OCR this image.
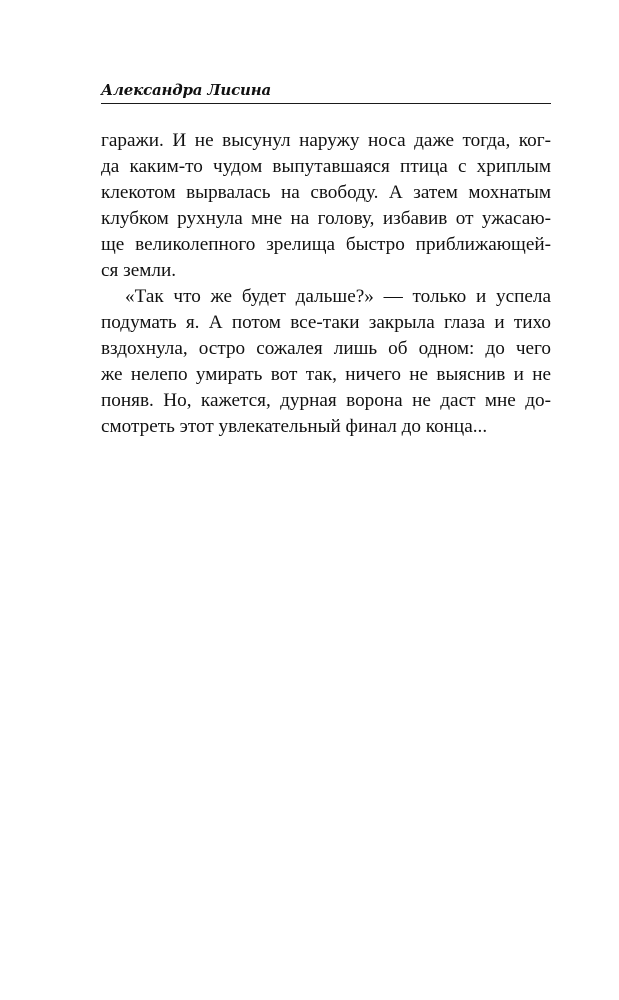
Александра Лисина
гаражи. И не высунул наружу носа даже тогда, ког-
да каким-то чудом выпутавшаяся птица с хриплым
клекотом вырвалась на свободу. А затем мохнатым
клубком рухнула мне на голову, избавив от ужасаю-
ще великолепного зрелища быстро приближающей-
ся земли.
«Так что же будет дальше?» — только и успела
подумать я. А потом все-таки закрыла глаза и тихо
вздохнула, остро сожалея лишь об одном: до чего
же нелепо умирать вот так, ничего не выяснив и не
поняв. Но, кажется, дурная ворона не даст мне до-
смотреть этот увлекательный финал до конца...
